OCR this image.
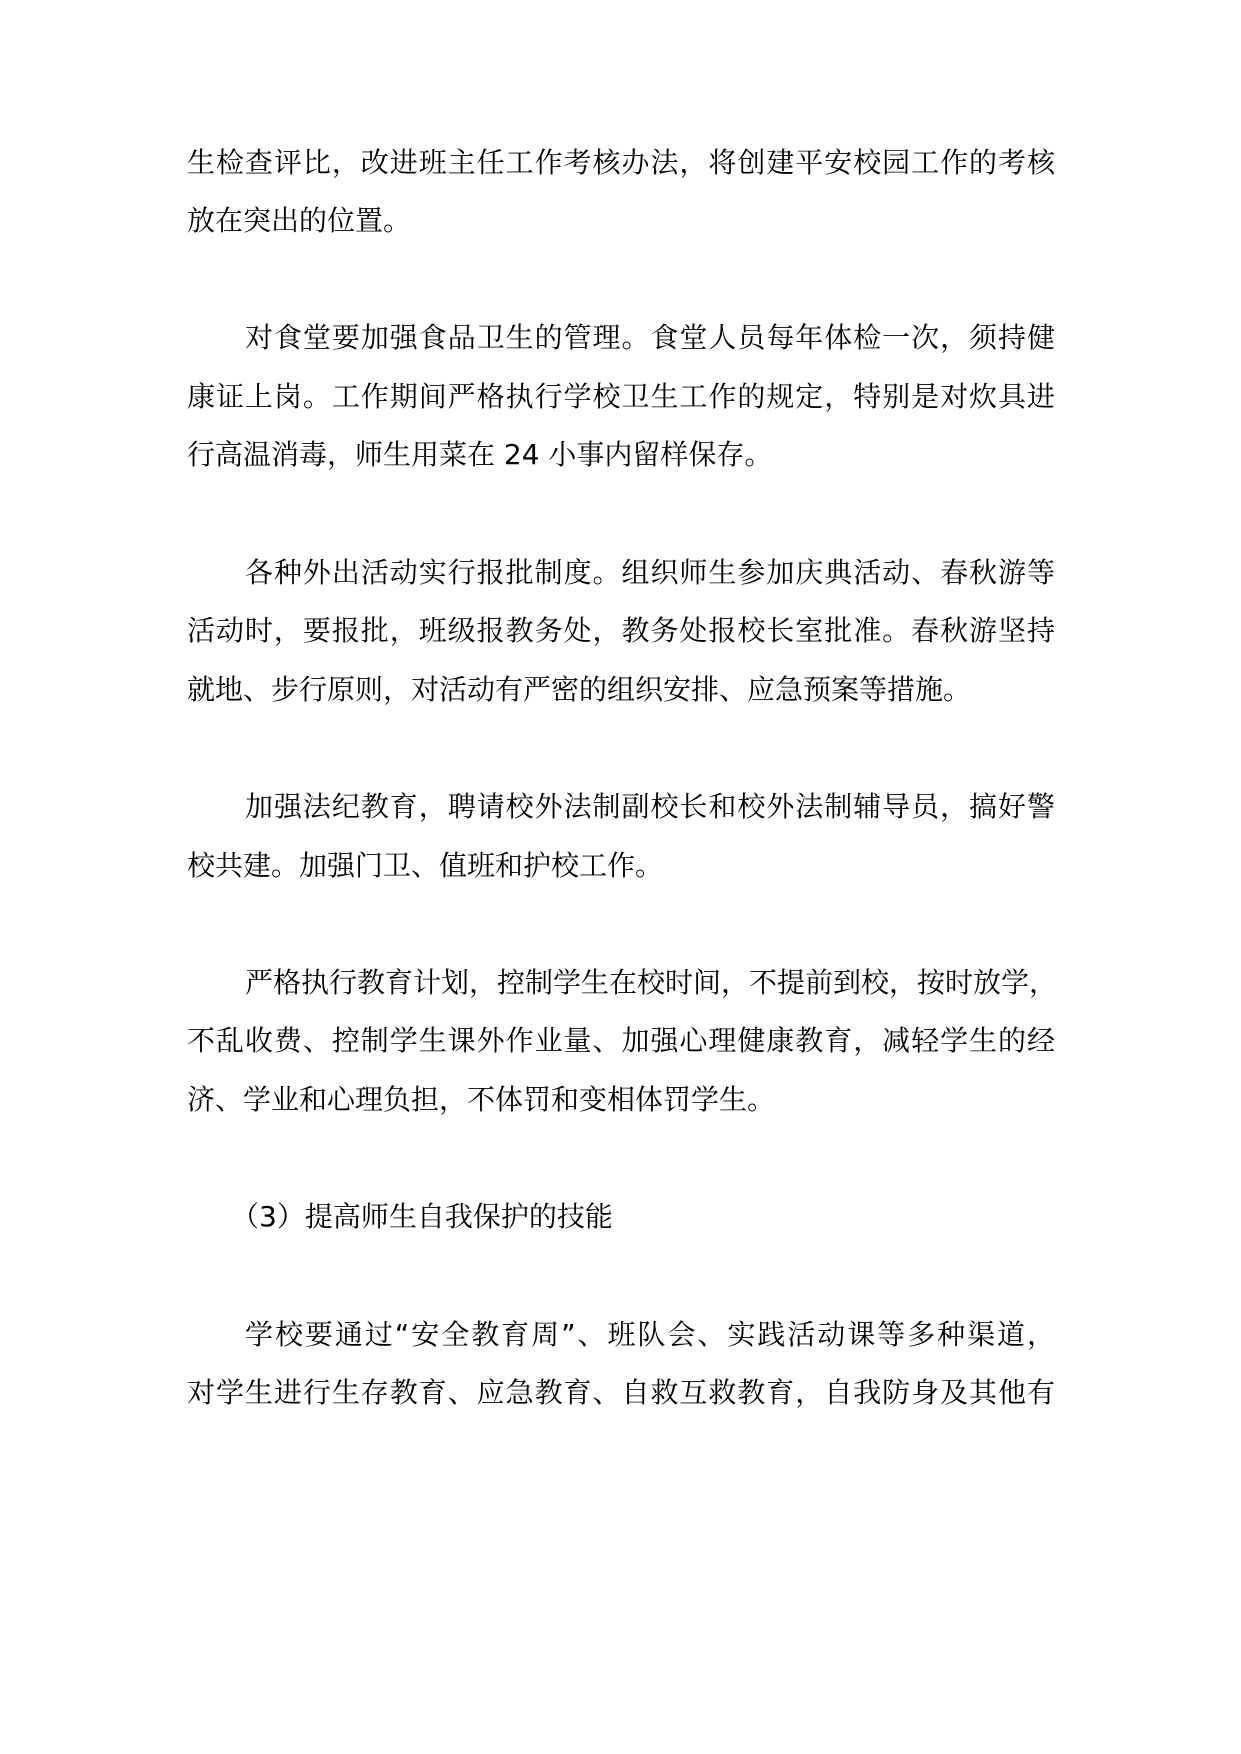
生检查评比，改进班主任工作考核办法，将创建平安校园工作的考核
放在突出的位置。
对食堂要加强食品卫生的管理。食堂人员每年体检一次，须持健
康证上岗。工作期间严格执行学校卫生工作的规定，特别是对炊具进
行高温消毒，师生用菜在 24 小事内留样保存。
各种外出活动实行报批制度。组织师生参加庆典活动、春秋游等
活动时，要报批，班级报教务处，教务处报校长室批准。春秋游坚持
就地、步行原则，对活动有严密的组织安排、应急预案等措施。
加强法纪教育，聘请校外法制副校长和校外法制辅导员，搞好警
校共建。加强门卫、值班和护校工作。
严格执行教育计划，控制学生在校时间，不提前到校，按时放学，
不乱收费、控制学生课外作业量、加强心理健康教育，减轻学生的经
济、学业和心理负担，不体罚和变相体罚学生。
（3）提高师生自我保护的技能
学校要通过“安全教育周”、班队会、实践活动课等多种渠道，
对学生进行生存教育、应急教育、自救互救教育，自我防身及其他有
